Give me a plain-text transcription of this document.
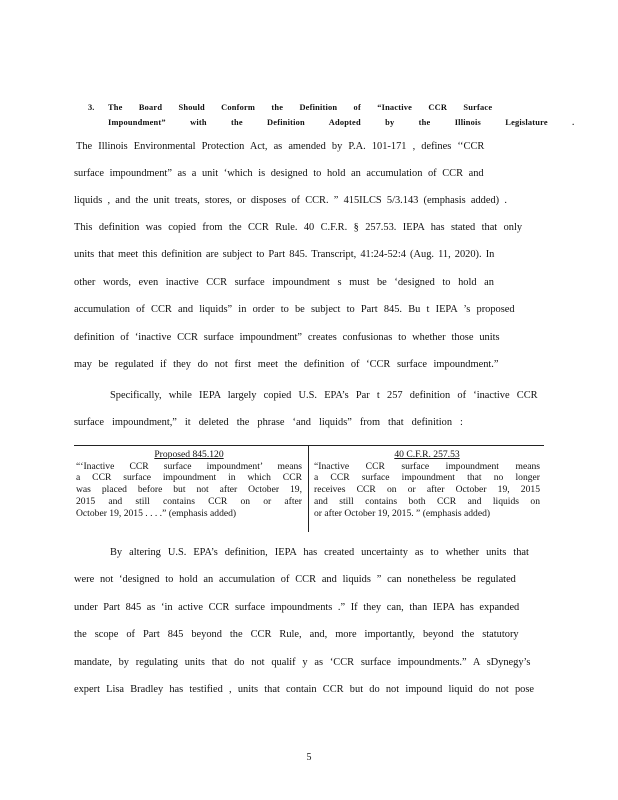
3. The Board Should Conform the Definition of “Inactive CCR Surface
Impoundment” with the Definition Adopted by the Illinois Legislature .
The Illinois Environmental Protection Act, as amended by P.A. 101-171 , defines ‘‘CCR
surface impoundment” as a unit ‘which is designed to hold an accumulation of CCR and
liquids , and the unit treats, stores, or disposes of CCR. ” 415ILCS 5/3.143 (emphasis added) .
This definition was copied from the CCR Rule. 40 C.F.R. § 257.53. IEPA has stated that only
units that meet this definition are subject to Part 845. Transcript, 41:24-52:4 (Aug. 11, 2020). In
other words, even inactive CCR surface impoundment s must be ‘designed to hold an
accumulation of CCR and liquids” in order to be subject to Part 845. Bu t IEPA ’s proposed
definition of ‘inactive CCR surface impoundment” creates confusionas to whether those units
may be regulated if they do not first meet the definition of ‘CCR surface impoundment.”
Specifically, while IEPA largely copied U.S. EPA’s Par t 257 definition of ‘inactive CCR
surface impoundment,” it deleted the phrase ‘and liquids” from that definition :
Proposed 845.120
“‘Inactive CCR surface impoundment’ means
a CCR surface impoundment in which CCR
was placed before but not after October 19,
2015 and still contains CCR on or after
October 19, 2015 . . . .” (emphasis added)
40 C.F.R. 257.53
“Inactive CCR surface impoundment means
a CCR surface impoundment that no longer
receives CCR on or after October 19, 2015
and still contains both CCR and liquids on
or after October 19, 2015. ” (emphasis added)
By altering U.S. EPA’s definition, IEPA has created uncertainty as to whether units that
were not ‘designed to hold an accumulation of CCR and liquids ” can nonetheless be regulated
under Part 845 as ‘in active CCR surface impoundments .” If they can, than IEPA has expanded
the scope of Part 845 beyond the CCR Rule, and, more importantly, beyond the statutory
mandate, by regulating units that do not qualif y as ‘CCR surface impoundments.” A sDynegy’s
expert Lisa Bradley has testified , units that contain CCR but do not impound liquid do not pose
5
